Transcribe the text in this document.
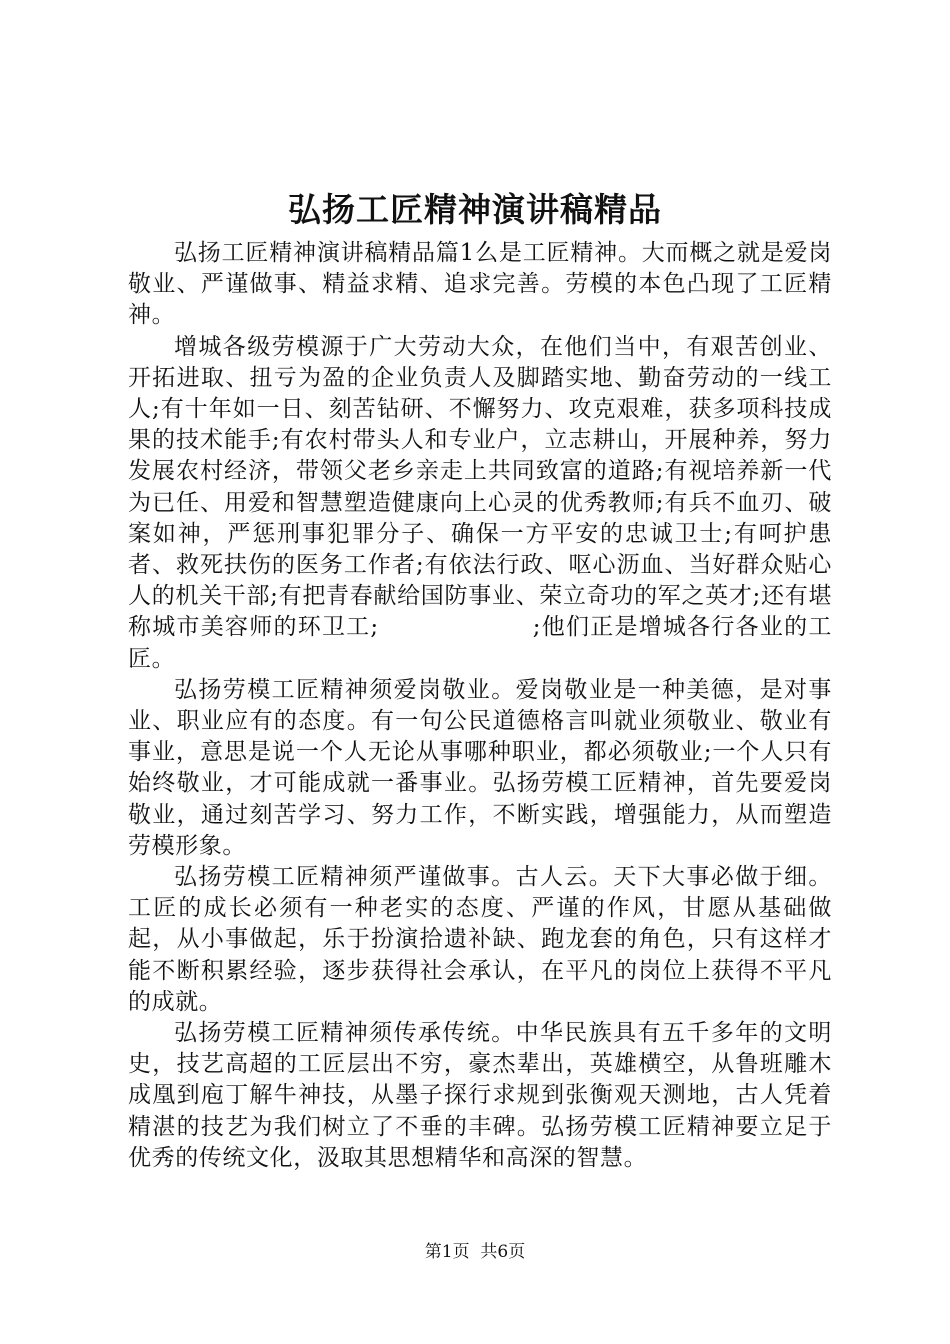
弘扬工匠精神演讲稿精品

弘扬工匠精神演讲稿精品篇1么是工匠精神。大而概之就是爱岗敬业、严谨做事、精益求精、追求完善。劳模的本色凸现了工匠精神。

增城各级劳模源于广大劳动大众，在他们当中，有艰苦创业、开拓进取、扭亏为盈的企业负责人及脚踏实地、勤奋劳动的一线工人;有十年如一日、刻苦钻研、不懈努力、攻克艰难，获多项科技成果的技术能手;有农村带头人和专业户，立志耕山，开展种养，努力发展农村经济，带领父老乡亲走上共同致富的道路;有视培养新一代为已任、用爱和智慧塑造健康向上心灵的优秀教师;有兵不血刃、破案如神，严惩刑事犯罪分子、确保一方平安的忠诚卫士;有呵护患者、救死扶伤的医务工作者;有依法行政、呕心沥血、当好群众贴心人的机关干部;有把青春献给国防事业、荣立奇功的军之英才;还有堪称城市美容师的环卫工;                  ;他们正是增城各行各业的工匠。

弘扬劳模工匠精神须爱岗敬业。爱岗敬业是一种美德，是对事业、职业应有的态度。有一句公民道德格言叫就业须敬业、敬业有事业，意思是说一个人无论从事哪种职业，都必须敬业;一个人只有始终敬业，才可能成就一番事业。弘扬劳模工匠精神，首先要爱岗敬业，通过刻苦学习、努力工作，不断实践，增强能力，从而塑造劳模形象。

弘扬劳模工匠精神须严谨做事。古人云。天下大事必做于细。工匠的成长必须有一种老实的态度、严谨的作风，甘愿从基础做起，从小事做起，乐于扮演拾遗补缺、跑龙套的角色，只有这样才能不断积累经验，逐步获得社会承认，在平凡的岗位上获得不平凡的成就。

弘扬劳模工匠精神须传承传统。中华民族具有五千多年的文明史，技艺高超的工匠层出不穷，豪杰辈出，英雄横空，从鲁班雕木成凰到庖丁解牛神技，从墨子探行求规到张衡观天测地，古人凭着精湛的技艺为我们树立了不垂的丰碑。弘扬劳模工匠精神要立足于优秀的传统文化，汲取其思想精华和高深的智慧。

第1页 共6页
